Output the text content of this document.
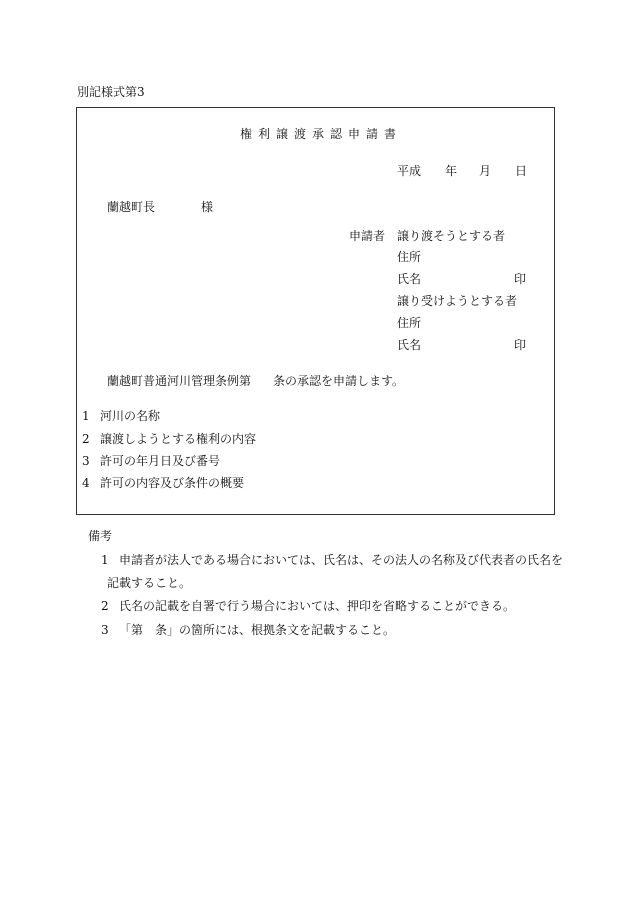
別記様式第3
権利譲渡承認申請書
平成 年 月 日
蘭越町長	様
申請者 譲り渡そうとする者
住所
氏名	印
譲り受けようとする者
住所
氏名	印
蘭越町普通河川管理条例第 条の承認を申請します。
1 河川の名称
2 譲渡しようとする権利の内容
3 許可の年月日及び番号
4 許可の内容及び条件の概要
備考
1 申請者が法人である場合においては、氏名は、その法人の名称及び代表者の氏名を
記載すること。
2 氏名の記載を自署で行う場合においては、押印を省略することができる。
3 「第　条」の箇所には、根拠条文を記載すること。
